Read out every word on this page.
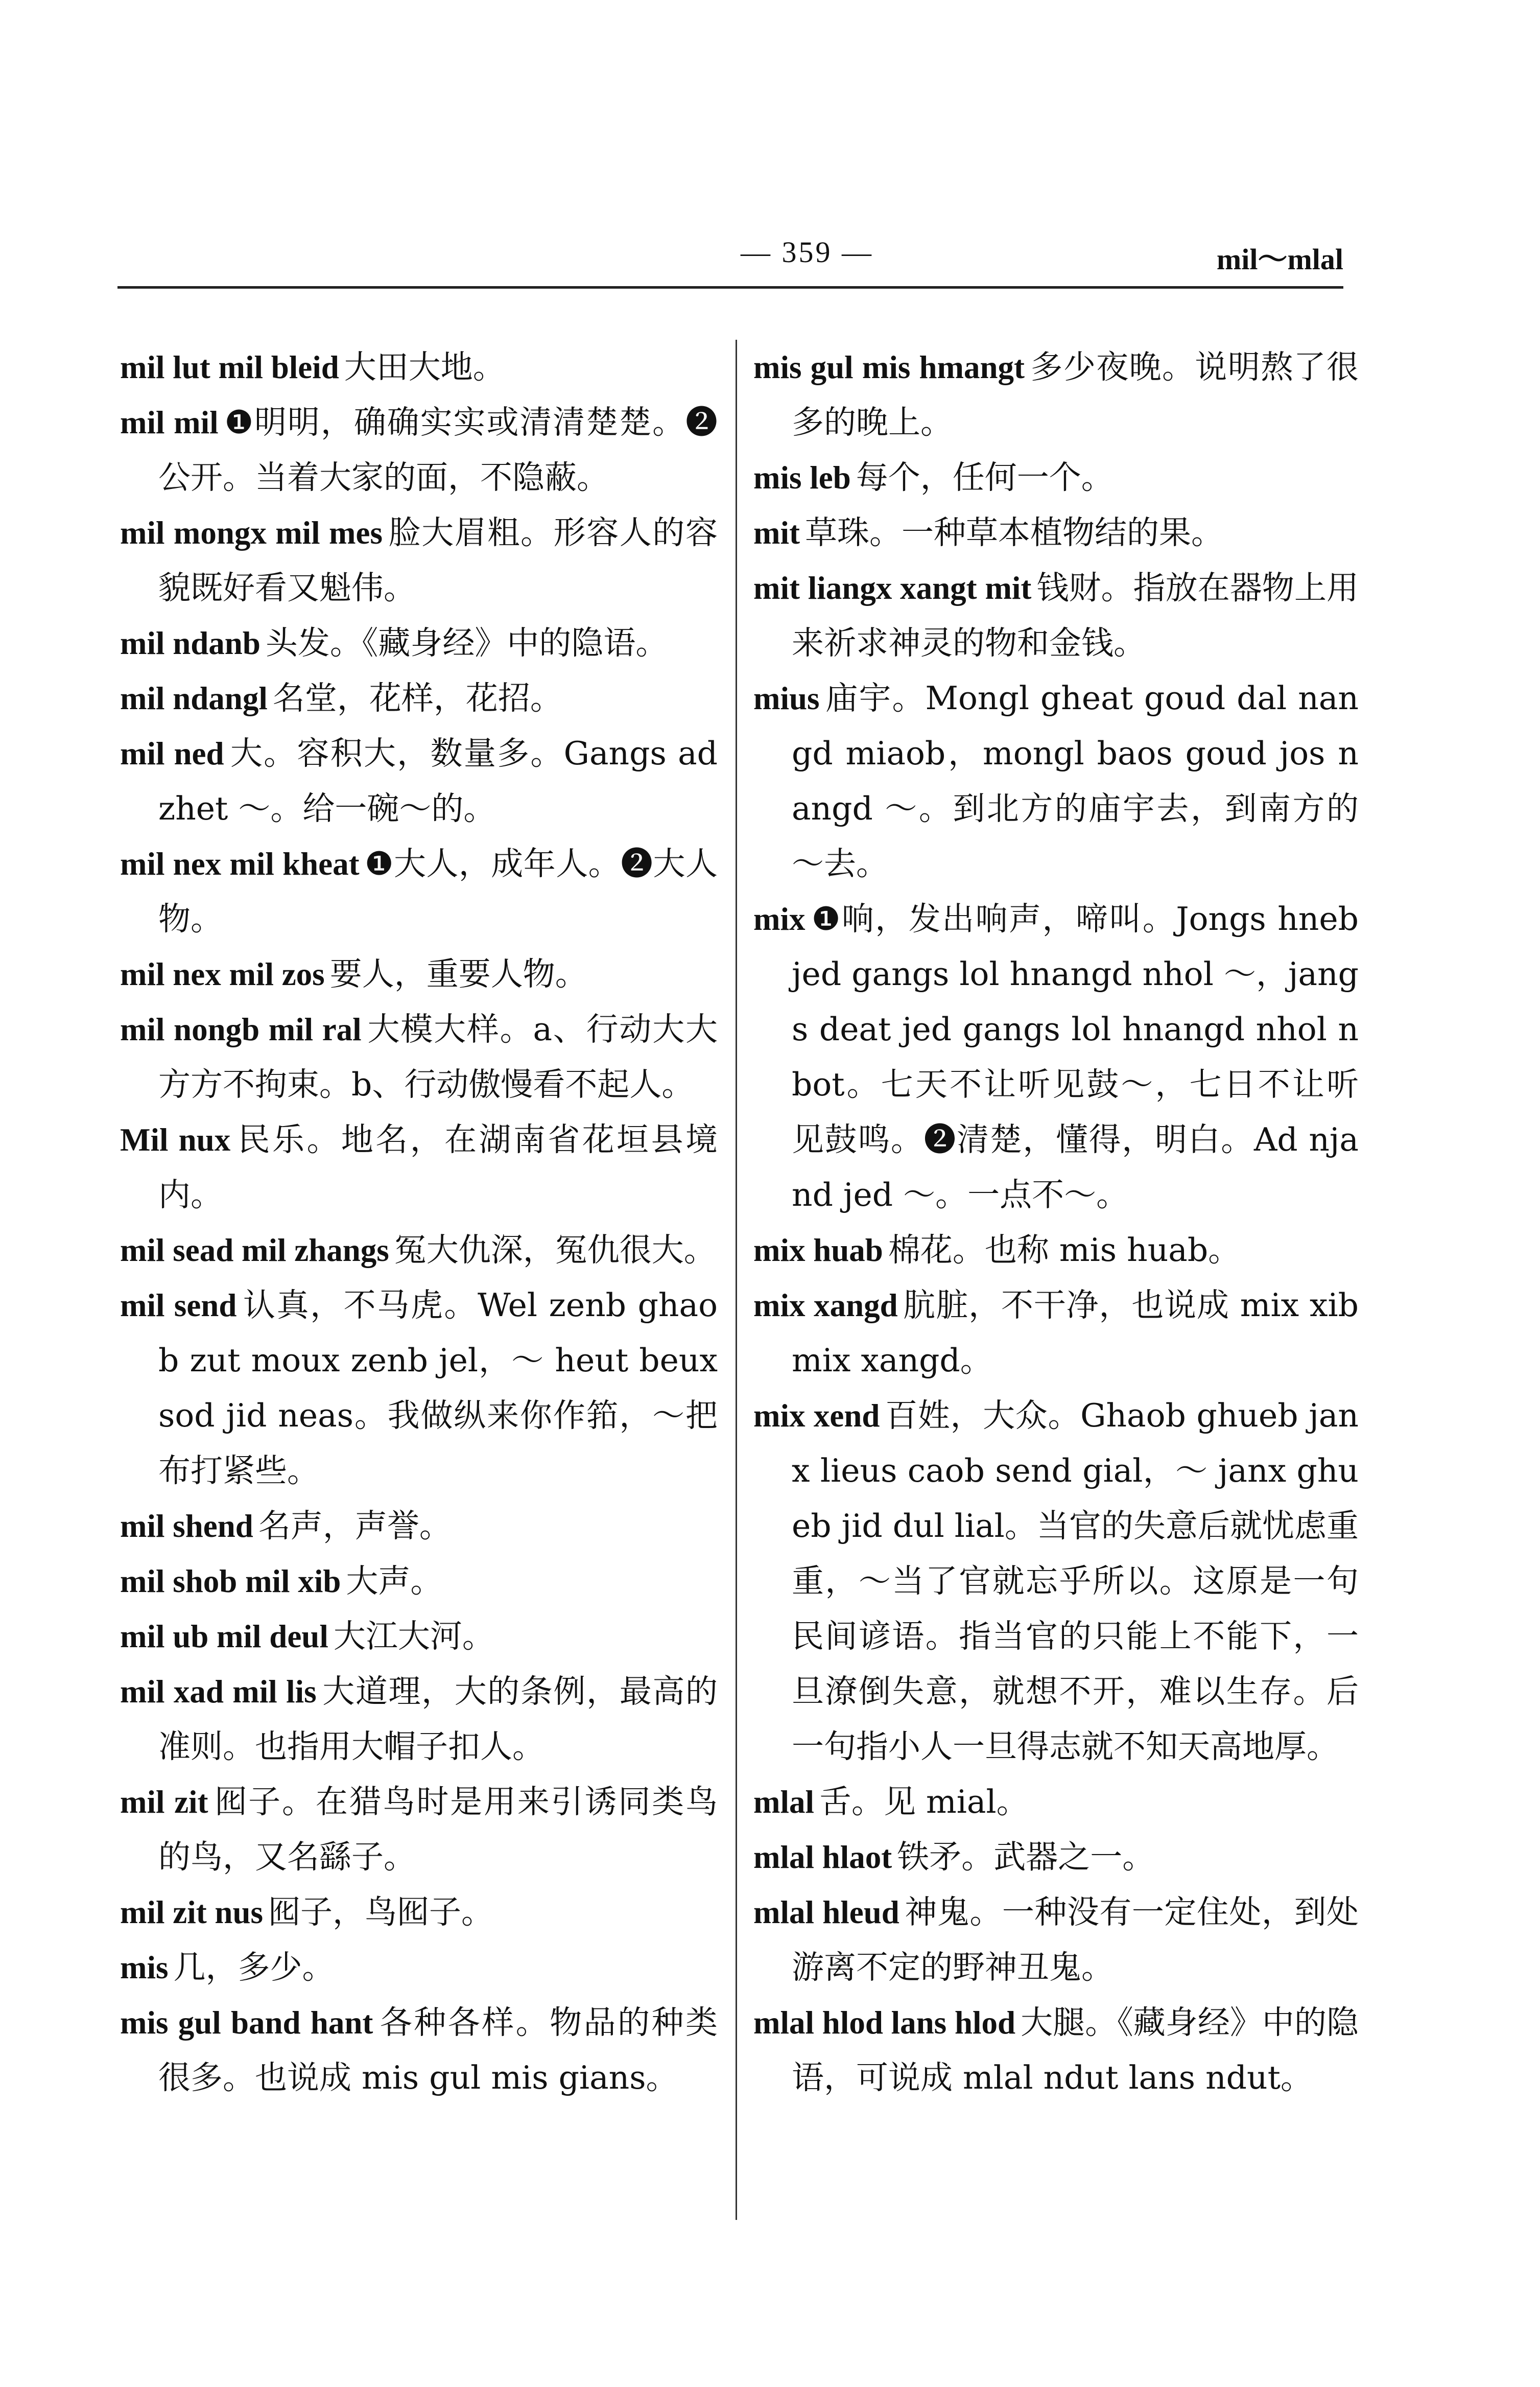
— 359 —	mil～mlal

mil lut mil bleid 大田大地。

mil mil ❶明明，确确实实或清清楚楚。❷公开。当着大家的面，不隐蔽。

mil mongx mil mes 脸大眉粗。形容人的容貌既好看又魁伟。

mil ndanb 头发。《藏身经》中的隐语。

mil ndangl 名堂，花样，花招。

mil ned 大。容积大，数量多。Gangs ad zhet ～。给一碗～的。

mil nex mil kheat ❶大人，成年人。❷大人物。

mil nex mil zos 要人，重要人物。

mil nongb mil ral 大模大样。a、行动大大方方不拘束。b、行动傲慢看不起人。

Mil nux 民乐。地名，在湖南省花垣县境内。

mil sead mil zhangs 冤大仇深，冤仇很大。

mil send 认真，不马虎。Wel zenb ghaob zut moux zenb jel，～ heut beux sod jid neas。我做纵来你作筘，～把布打紧些。

mil shend 名声，声誉。

mil shob mil xib 大声。

mil ub mil deul 大江大河。

mil xad mil lis 大道理，大的条例，最高的准则。也指用大帽子扣人。

mil zit 囮子。在猎鸟时是用来引诱同类鸟的鸟，又名繇子。

mil zit nus 囮子，鸟囮子。

mis 几，多少。

mis gul band hant 各种各样。物品的种类很多。也说成 mis gul mis gians。

mis gul mis hmangt 多少夜晚。说明熬了很多的晚上。

mis leb 每个，任何一个。

mit 草珠。一种草本植物结的果。

mit liangx xangt mit 钱财。指放在器物上用来祈求神灵的物和金钱。

mius 庙宇。Mongl gheat goud dal nangd miaob，mongl baos goud jos nangd ～。到北方的庙宇去，到南方的～去。

mix ❶响，发出响声，啼叫。Jongs hneb jed gangs lol hnangd nhol ～，jangs deat jed gangs lol hnangd nhol nbot。七天不让听见鼓～，七日不让听见鼓鸣。❷清楚，懂得，明白。Ad njand jed ～。一点不～。

mix huab 棉花。也称 mis huab。

mix xangd 肮脏，不干净，也说成 mix xib mix xangd。

mix xend 百姓，大众。Ghaob ghueb janx lieus caob send gial，～ janx ghueb jid dul lial。当官的失意后就忧虑重重，～当了官就忘乎所以。这原是一句民间谚语。指当官的只能上不能下，一旦潦倒失意，就想不开，难以生存。后一句指小人一旦得志就不知天高地厚。

mlal 舌。见 mial。

mlal hlaot 铁矛。武器之一。

mlal hleud 神鬼。一种没有一定住处，到处游离不定的野神丑鬼。

mlal hlod lans hlod 大腿。《藏身经》中的隐语，可说成 mlal ndut lans ndut。
